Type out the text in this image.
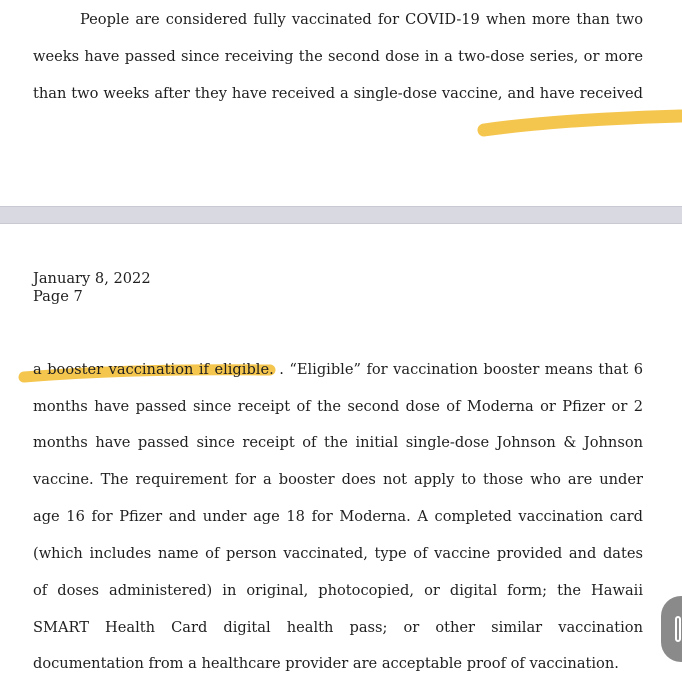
People are considered fully vaccinated for COVID-19 when more than two
weeks have passed since receiving the second dose in a two-dose series, or more
than two weeks after they have received a single-dose vaccine, and have received
January 8, 2022
Page 7
a booster vaccination if eligible. . “Eligible” for vaccination booster means that 6
months have passed since receipt of the second dose of Moderna or Pfizer or 2
months have passed since receipt of the initial single-dose Johnson & Johnson
vaccine. The requirement for a booster does not apply to those who are under
age 16 for Pfizer and under age 18 for Moderna. A completed vaccination card
(which includes name of person vaccinated, type of vaccine provided and dates
of doses administered) in original, photocopied, or digital form; the Hawaii
SMART Health Card digital health pass; or other similar vaccination
documentation from a healthcare provider are acceptable proof of vaccination.
